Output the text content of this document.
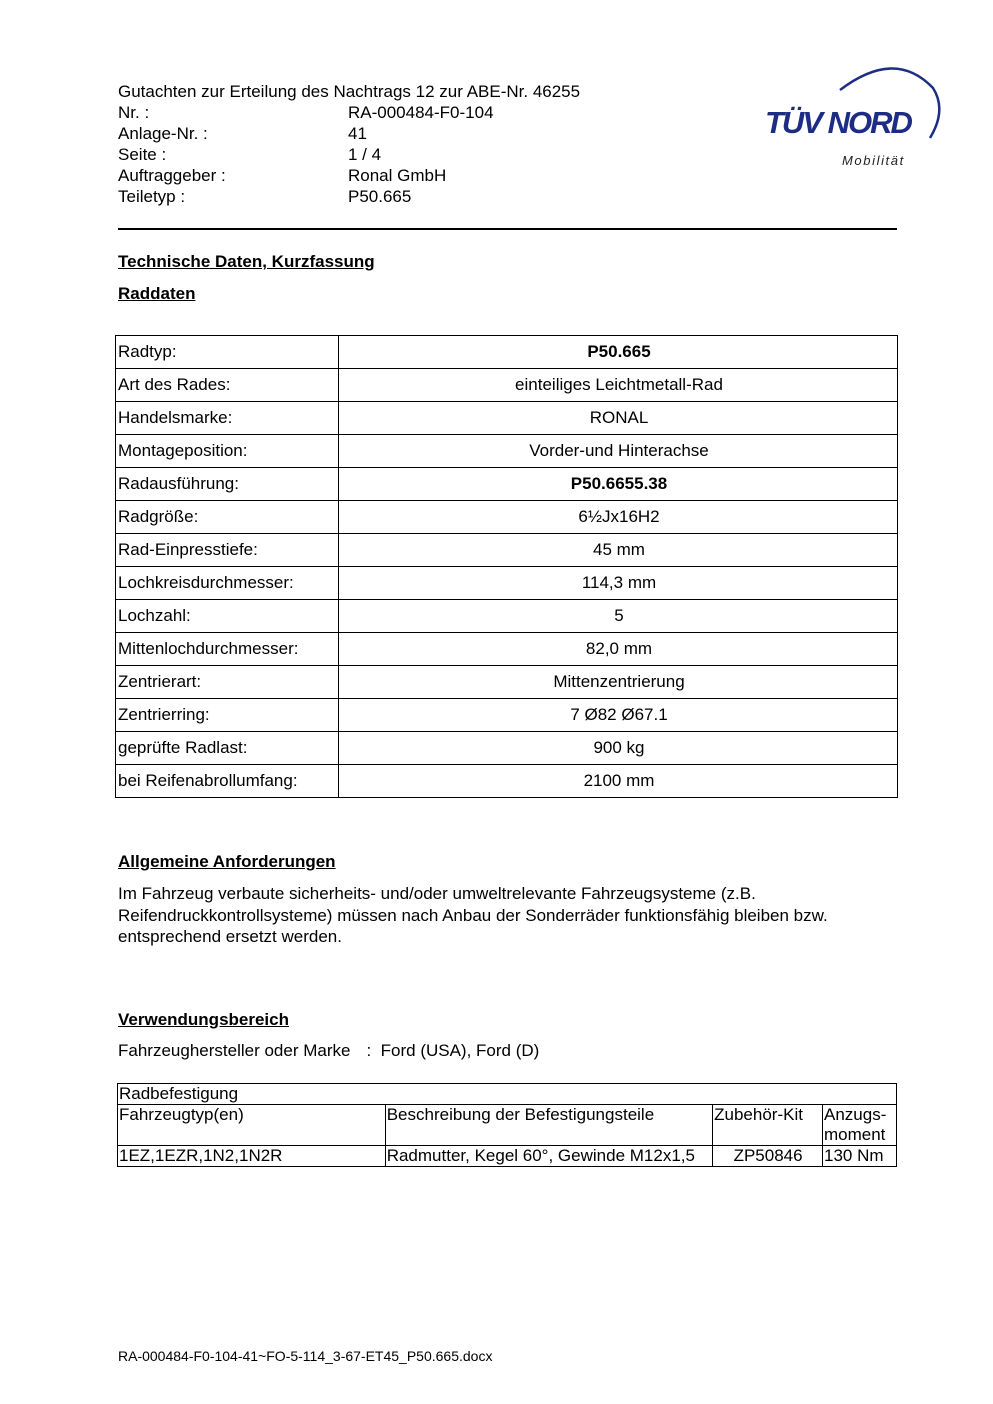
Gutachten zur Erteilung des Nachtrags 12 zur ABE-Nr. 46255
Nr. :	RA-000484-F0-104
Anlage-Nr. :	41
Seite :	1 / 4
Auftraggeber :	Ronal GmbH
Teiletyp :	P50.665
TÜV NORD
Mobilität
Technische Daten, Kurzfassung
Raddaten
Radtyp:	P50.665
Art des Rades:	einteiliges Leichtmetall-Rad
Handelsmarke:	RONAL
Montageposition:	Vorder-und Hinterachse
Radausführung:	P50.6655.38
Radgröße:	6½Jx16H2
Rad-Einpresstiefe:	45 mm
Lochkreisdurchmesser:	114,3 mm
Lochzahl:	5
Mittenlochdurchmesser:	82,0 mm
Zentrierart:	Mittenzentrierung
Zentrierring:	7 Ø82 Ø67.1
geprüfte Radlast:	900 kg
bei Reifenabrollumfang:	2100 mm
Allgemeine Anforderungen
Im Fahrzeug verbaute sicherheits- und/oder umweltrelevante Fahrzeugsysteme (z.B. Reifendruckkontrollsysteme) müssen nach Anbau der Sonderräder funktionsfähig bleiben bzw. entsprechend ersetzt werden.
Verwendungsbereich
Fahrzeughersteller oder Marke : Ford (USA), Ford (D)
Radbefestigung			
Fahrzeugtyp(en)	Beschreibung der Befestigungsteile	Zubehör-Kit	Anzugs-moment
1EZ,1EZR,1N2,1N2R	Radmutter, Kegel 60°, Gewinde M12x1,5	ZP50846	130 Nm
RA-000484-F0-104-41~FO-5-114_3-67-ET45_P50.665.docx
